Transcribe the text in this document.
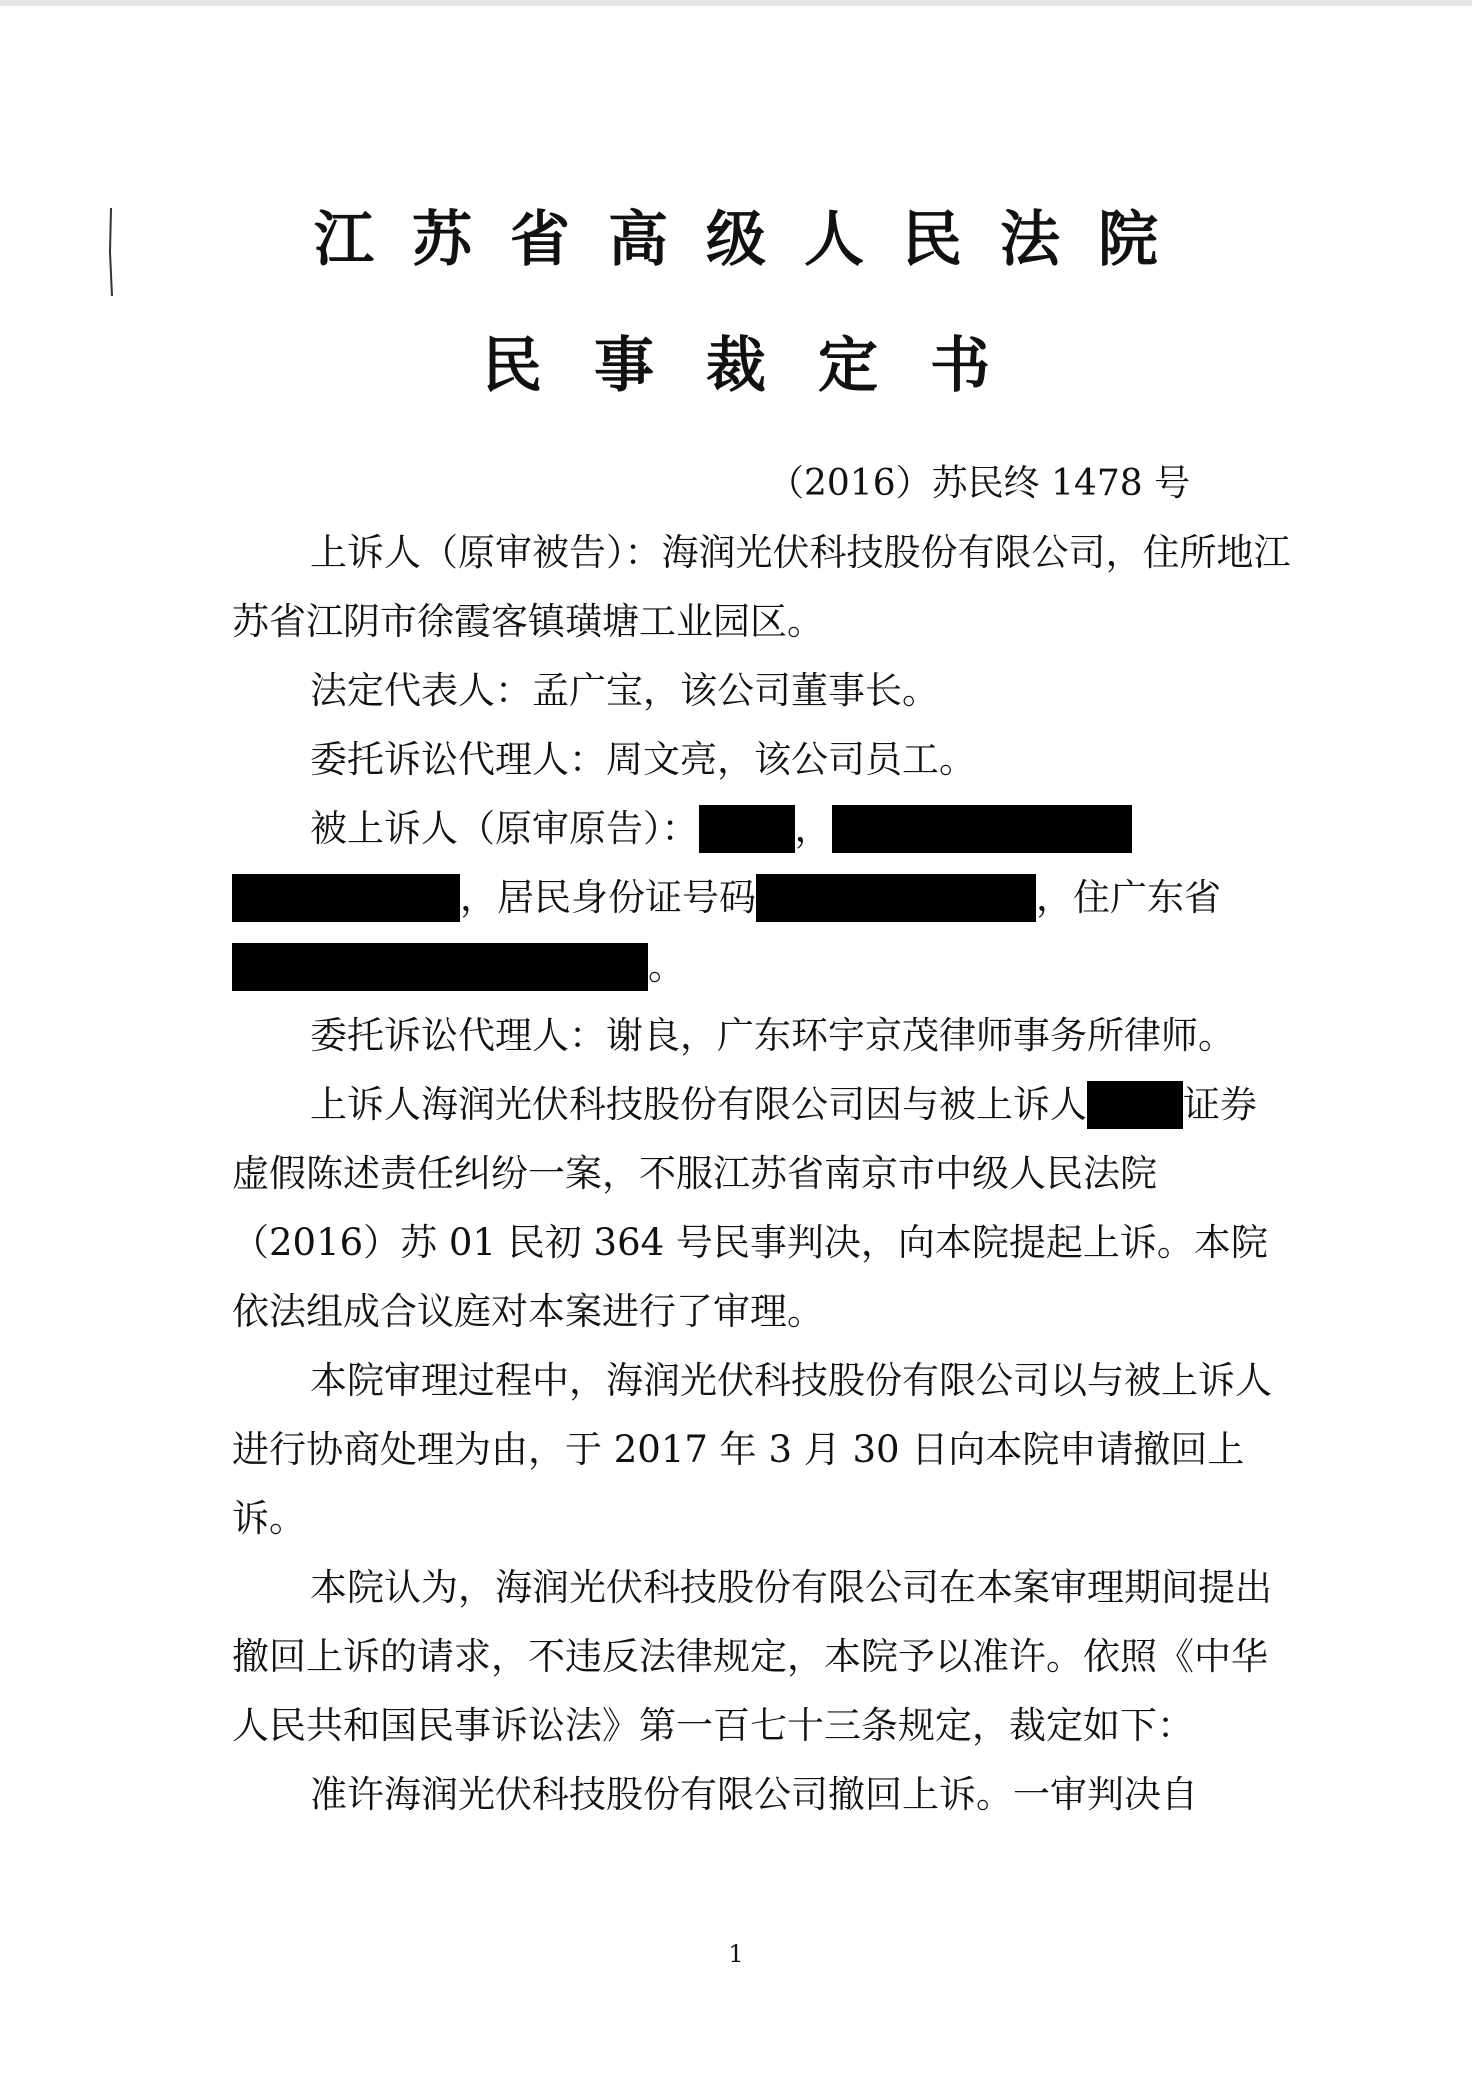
江苏省高级人民法院
民事裁定书
（2016）苏民终 1478 号

上诉人（原审被告）：海润光伏科技股份有限公司，住所地江苏省江阴市徐霞客镇璜塘工业园区。

法定代表人：孟广宝，该公司董事长。

委托诉讼代理人：周文亮，该公司员工。

被上诉人（原审原告）：	，，居民身份证号码	，住广东省。

委托诉讼代理人：谢良，广东环宇京茂律师事务所律师。

上诉人海润光伏科技股份有限公司因与被上诉人	证券虚假陈述责任纠纷一案，不服江苏省南京市中级人民法院（2016）苏 01 民初 364 号民事判决，向本院提起上诉。本院依法组成合议庭对本案进行了审理。

本院审理过程中，海润光伏科技股份有限公司以与被上诉人进行协商处理为由，于 2017 年 3 月 30 日向本院申请撤回上诉。

本院认为，海润光伏科技股份有限公司在本案审理期间提出撤回上诉的请求，不违反法律规定，本院予以准许。依照《中华人民共和国民事诉讼法》第一百七十三条规定，裁定如下：

准许海润光伏科技股份有限公司撤回上诉。一审判决自

1
